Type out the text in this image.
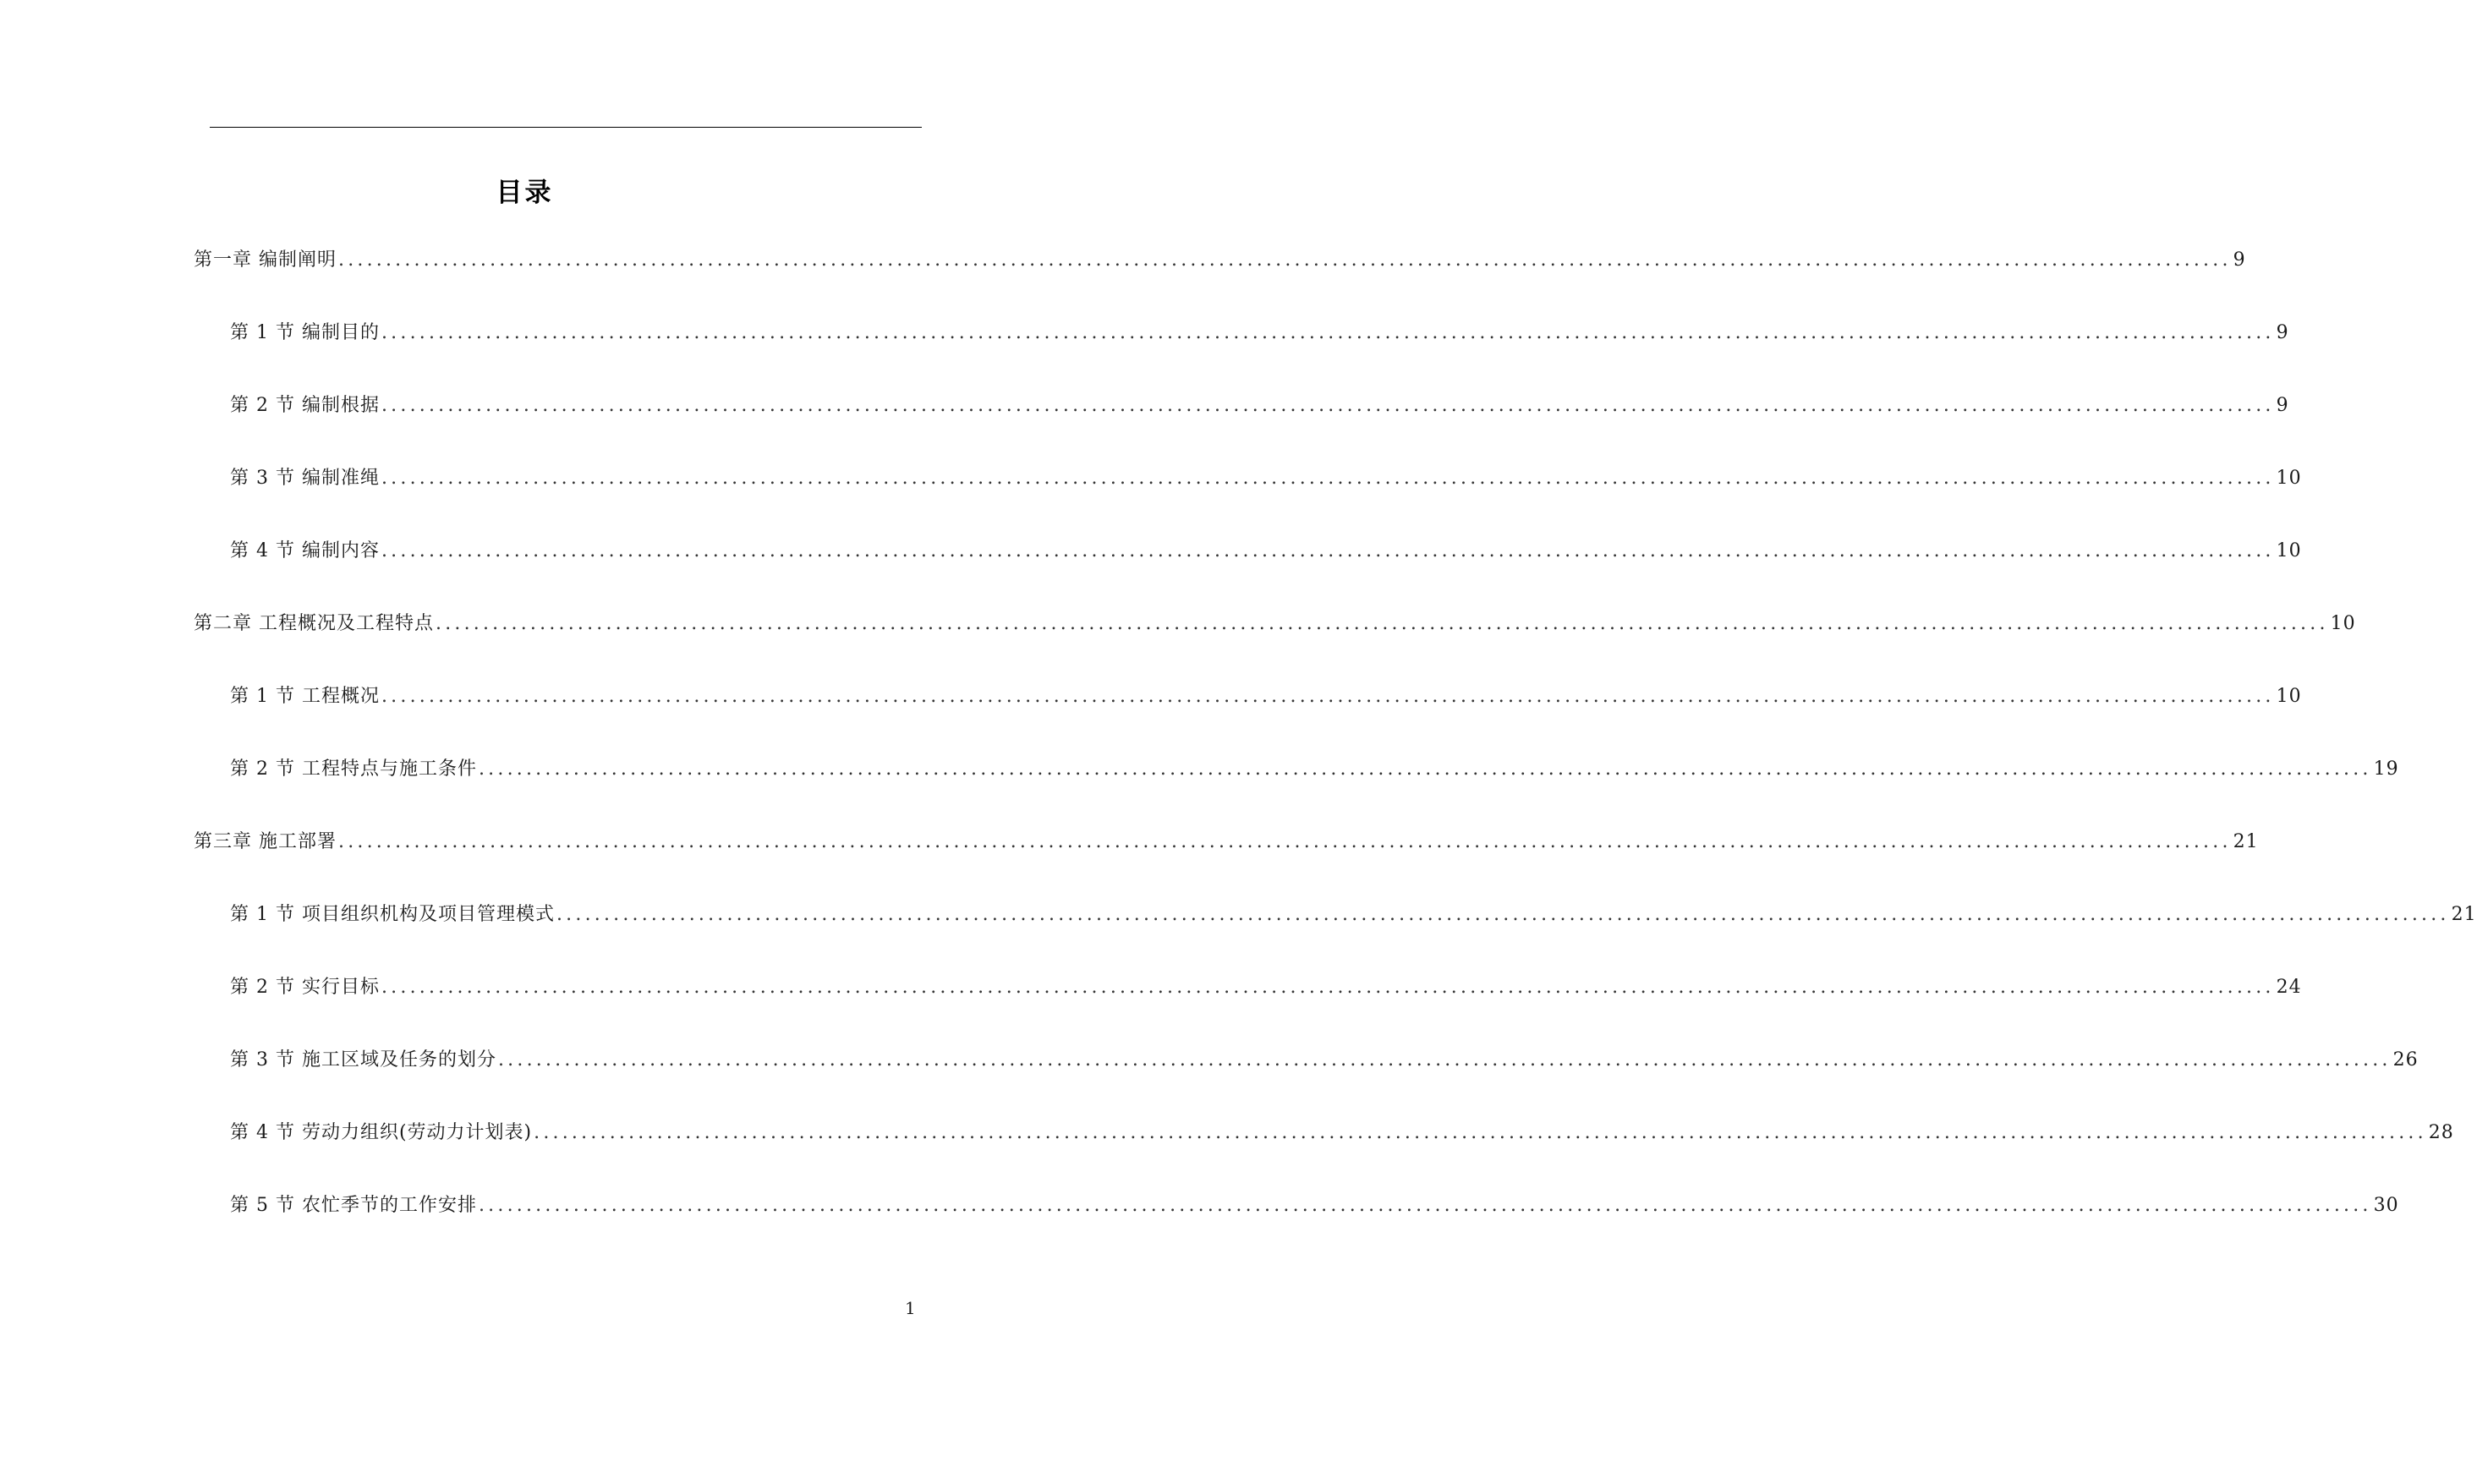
目录
第一章 编制阐明 ........................................................................................................................................................................................................ 9
第 1 节 编制目的 ........................................................................................................................................................................................................ 9
第 2 节 编制根据 ........................................................................................................................................................................................................ 9
第 3 节 编制准绳 ........................................................................................................................................................................................................ 10
第 4 节 编制内容 ........................................................................................................................................................................................................ 10
第二章 工程概况及工程特点 ........................................................................................................................................................................................................ 10
第 1 节 工程概况 ........................................................................................................................................................................................................ 10
第 2 节 工程特点与施工条件 ........................................................................................................................................................................................................ 19
第三章 施工部署 ........................................................................................................................................................................................................ 21
第 1 节 项目组织机构及项目管理模式 ........................................................................................................................................................................................................ 21
第 2 节 实行目标 ........................................................................................................................................................................................................ 24
第 3 节 施工区域及任务的划分 ........................................................................................................................................................................................................ 26
第 4 节 劳动力组织(劳动力计划表) ........................................................................................................................................................................................................ 28
第 5 节 农忙季节的工作安排 ........................................................................................................................................................................................................ 30
1
